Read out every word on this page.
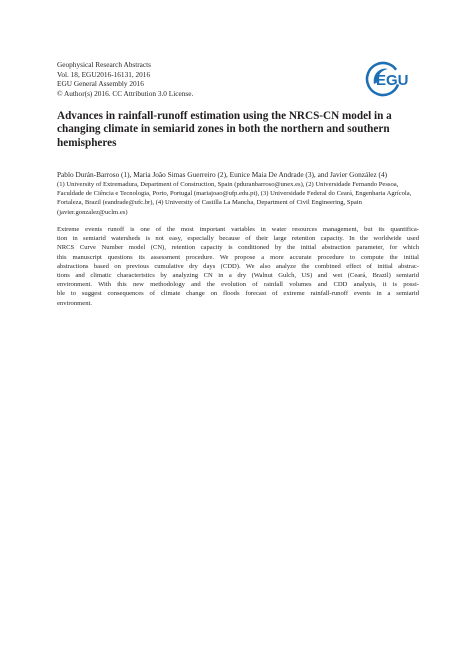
Geophysical Research Abstracts
Vol. 18, EGU2016-16131, 2016
EGU General Assembly 2016
© Author(s) 2016. CC Attribution 3.0 License.
EGU
Advances in rainfall-runoff estimation using the NRCS-CN model in a changing climate in semiarid zones in both the northern and southern hemispheres
Pablo Durán-Barroso (1), Maria João Simas Guerreiro (2), Eunice Maia De Andrade (3), and Javier González (4)
(1) University of Extremadura, Department of Construction, Spain (pduranbarroso@unex.es), (2) Universidade Fernando Pessoa, Faculdade de Ciência e Tecnologia, Porto, Portugal (mariajoao@ufp.edu.pt), (3) Universidade Federal do Ceará, Engenharia Agrícola, Fortaleza, Brazil (eandrade@ufc.br), (4) University of Castilla La Mancha, Department of Civil Engineering, Spain (javier.gonzalez@uclm.es)
Extreme events runoff is one of the most important variables in water resources management, but its quantifica-
tion in semiarid watersheds is not easy, especially because of their large retention capacity. In the worldwide used
NRCS Curve Number model (CN), retention capacity is conditioned by the initial abstraction parameter, for which
this manuscript questions its assessment procedure. We propose a more accurate procedure to compute the initial
abstractions based on previous cumulative dry days (CDD). We also analyze the combined effect of initial abstrac-
tions and climatic characteristics by analyzing CN in a dry (Walnut Gulch, US) and wet (Ceará, Brazil) semiarid
environment. With this new methodology and the evolution of rainfall volumes and CDD analysis, it is possi-
ble to suggest consequences of climate change on floods forecast of extreme rainfall-runoff events in a semiarid
environment.
